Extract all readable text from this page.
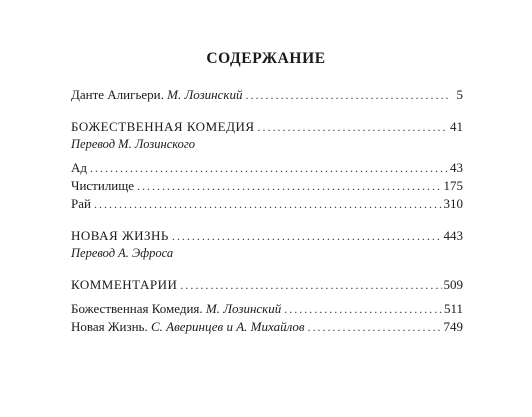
СОДЕРЖАНИЕ
Данте Алигьери. М. Лозинский . . .	5
БОЖЕСТВЕННАЯ КОМЕДИЯ . . .	41
Перевод М. Лозинского
Ад . . .	43
Чистилище . . .	175
Рай . . .	310
НОВАЯ ЖИЗНЬ . . .	443
Перевод А. Эфроса
КОММЕНТАРИИ . . .	509
Божественная Комедия. М. Лозинский . . .	511
Новая Жизнь. С. Аверинцев и А. Михайлов . . .	749
